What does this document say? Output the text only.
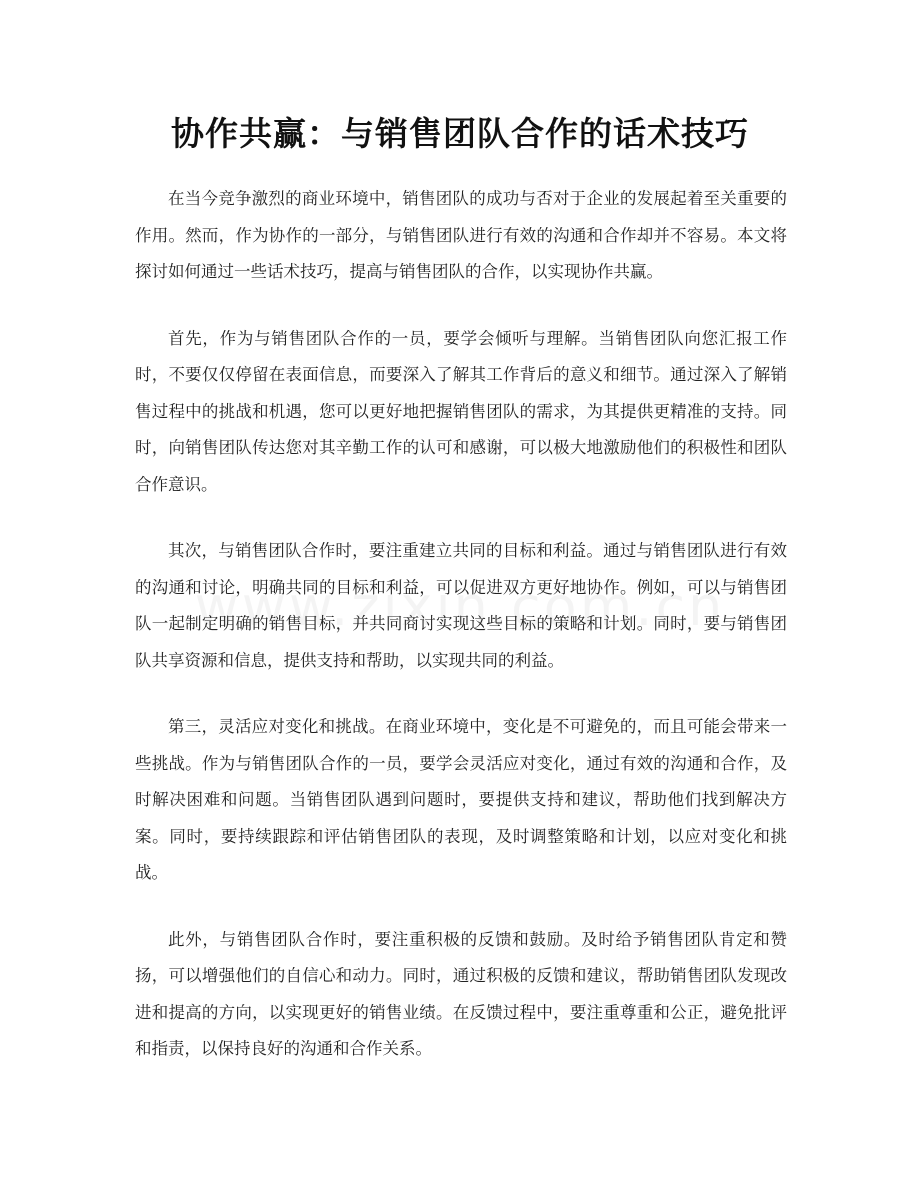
协作共赢：与销售团队合作的话术技巧

在当今竞争激烈的商业环境中，销售团队的成功与否对于企业的发展起着至关重要的作用。然而，作为协作的一部分，与销售团队进行有效的沟通和合作却并不容易。本文将探讨如何通过一些话术技巧，提高与销售团队的合作，以实现协作共赢。

首先，作为与销售团队合作的一员，要学会倾听与理解。当销售团队向您汇报工作时，不要仅仅停留在表面信息，而要深入了解其工作背后的意义和细节。通过深入了解销售过程中的挑战和机遇，您可以更好地把握销售团队的需求，为其提供更精准的支持。同时，向销售团队传达您对其辛勤工作的认可和感谢，可以极大地激励他们的积极性和团队合作意识。

其次，与销售团队合作时，要注重建立共同的目标和利益。通过与销售团队进行有效的沟通和讨论，明确共同的目标和利益，可以促进双方更好地协作。例如，可以与销售团队一起制定明确的销售目标，并共同商讨实现这些目标的策略和计划。同时，要与销售团队共享资源和信息，提供支持和帮助，以实现共同的利益。

第三，灵活应对变化和挑战。在商业环境中，变化是不可避免的，而且可能会带来一些挑战。作为与销售团队合作的一员，要学会灵活应对变化，通过有效的沟通和合作，及时解决困难和问题。当销售团队遇到问题时，要提供支持和建议，帮助他们找到解决方案。同时，要持续跟踪和评估销售团队的表现，及时调整策略和计划，以应对变化和挑战。

此外，与销售团队合作时，要注重积极的反馈和鼓励。及时给予销售团队肯定和赞扬，可以增强他们的自信心和动力。同时，通过积极的反馈和建议，帮助销售团队发现改进和提高的方向，以实现更好的销售业绩。在反馈过程中，要注重尊重和公正，避免批评和指责，以保持良好的沟通和合作关系。
